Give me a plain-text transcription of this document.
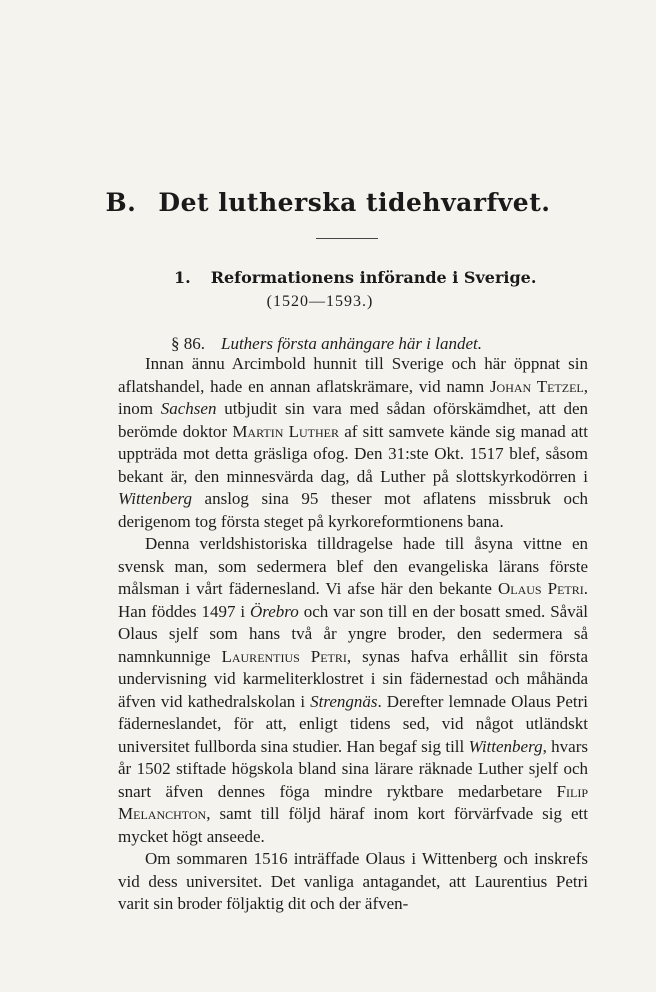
B. Det lutherska tidehvarfvet.
1. Reformationens införande i Sverige.
(1520—1593.)
§ 86. Luthers första anhängare här i landet.

Innan ännu Arcimbold hunnit till Sverige och här öppnat sin aflatshandel, hade en annan aflatskrämare, vid namn Johan Tetzel, inom Sachsen utbjudit sin vara med sådan oförskämdhet, att den berömde doktor Martin Luther af sitt samvete kände sig manad att uppträda mot detta gräsliga ofog. Den 31:ste Okt. 1517 blef, såsom bekant är, den minnesvärda dag, då Luther på slottskyrkodörren i Wittenberg anslog sina 95 theser mot aflatens missbruk och derigenom tog första steget på kyrkoreformtionens bana.

Denna verldshistoriska tilldragelse hade till åsyna vittne en svensk man, som sedermera blef den evangeliska lärans förste målsman i vårt fädernesland. Vi afse här den bekante Olaus Petri. Han föddes 1497 i Örebro och var son till en der bosatt smed. Såväl Olaus sjelf som hans två år yngre broder, den sedermera så namnkunnige Laurentius Petri, synas hafva erhållit sin första undervisning vid karmeliterklostret i sin fädernestad och måhända äfven vid kathedralskolan i Strengnäs. Derefter lemnade Olaus Petri fäderneslandet, för att, enligt tidens sed, vid något utländskt universitet fullborda sina studier. Han begaf sig till Wittenberg, hvars år 1502 stiftade högskola bland sina lärare räknade Luther sjelf och snart äfven dennes föga mindre ryktbare medarbetare Filip Melanchton, samt till följd häraf inom kort förvärfvade sig ett mycket högt anseede.

Om sommaren 1516 inträffade Olaus i Wittenberg och inskrefs vid dess universitet. Det vanliga antagandet, att Laurentius Petri varit sin broder följaktig dit och der äfven-
